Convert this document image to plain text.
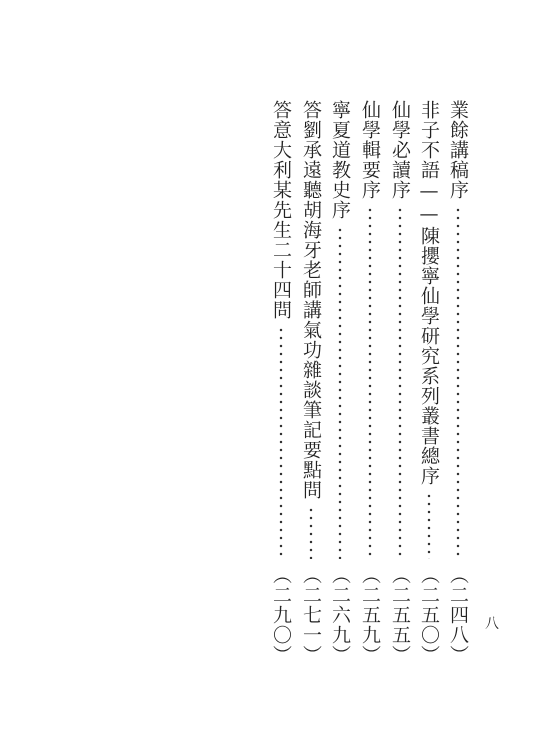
八
業餘講稿序
（二四八）
非子不語——陳攖寧仙學研究系列叢書總序
（二五〇）
仙學必讀序
（二五五）
仙學輯要序
（二五九）
寧夏道教史序
（二六九）
答劉承遠聽胡海牙老師講氣功雜談筆記要點問
（二七一）
答意大利某先生二十四問
（二九〇）
